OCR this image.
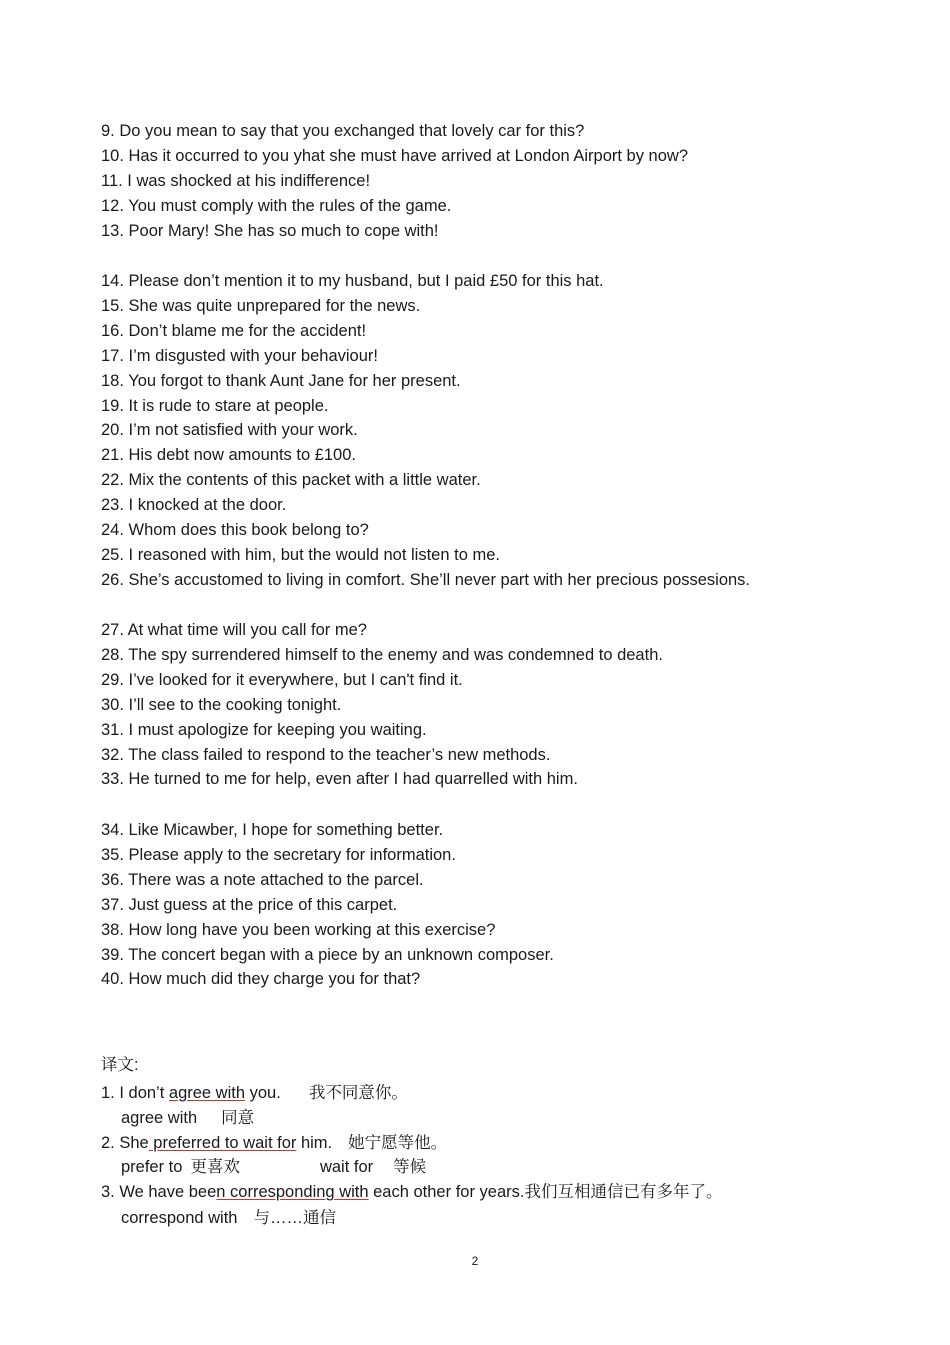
9. Do you mean to say that you exchanged that lovely car for this?
10. Has it occurred to you yhat she must have arrived at London Airport by now?
11. I was shocked at his indifference!
12. You must comply with the rules of the game.
13. Poor Mary! She has so much to cope with!
14. Please don’t mention it to my husband, but I paid £50 for this hat.
15. She was quite unprepared for the news.
16. Don’t blame me for the accident!
17. I’m disgusted with your behaviour!
18. You forgot to thank Aunt Jane for her present.
19. It is rude to stare at people.
20. I’m not satisfied with your work.
21. His debt now amounts to £100.
22. Mix the contents of this packet with a little water.
23. I knocked at the door.
24. Whom does this book belong to?
25. I reasoned with him, but the would not listen to me.
26. She’s accustomed to living in comfort. She’ll never part with her precious possesions.
27. At what time will you call for me?
28. The spy surrendered himself to the enemy and was condemned to death.
29. I’ve looked for it everywhere, but I can't find it.
30. I’ll see to the cooking tonight.
31. I must apologize for keeping you waiting.
32. The class failed to respond to the teacher’s new methods.
33. He turned to me for help, even after I had quarrelled with him.
34. Like Micawber, I hope for something better.
35. Please apply to the secretary for information.
36. There was a note attached to the parcel.
37. Just guess at the price of this carpet.
38. How long have you been working at this exercise?
39. The concert began with a piece by an unknown composer.
40. How much did they charge you for that?
译文:
1. I don’t agree with you. 我不同意你。
agree with 同意
2. She preferred to wait for him. 她宁愿等他。
prefer to 更喜欢	wait for 等候
3. We have been corresponding with each other for years.我们互相通信已有多年了。
correspond with 与……通信
2
